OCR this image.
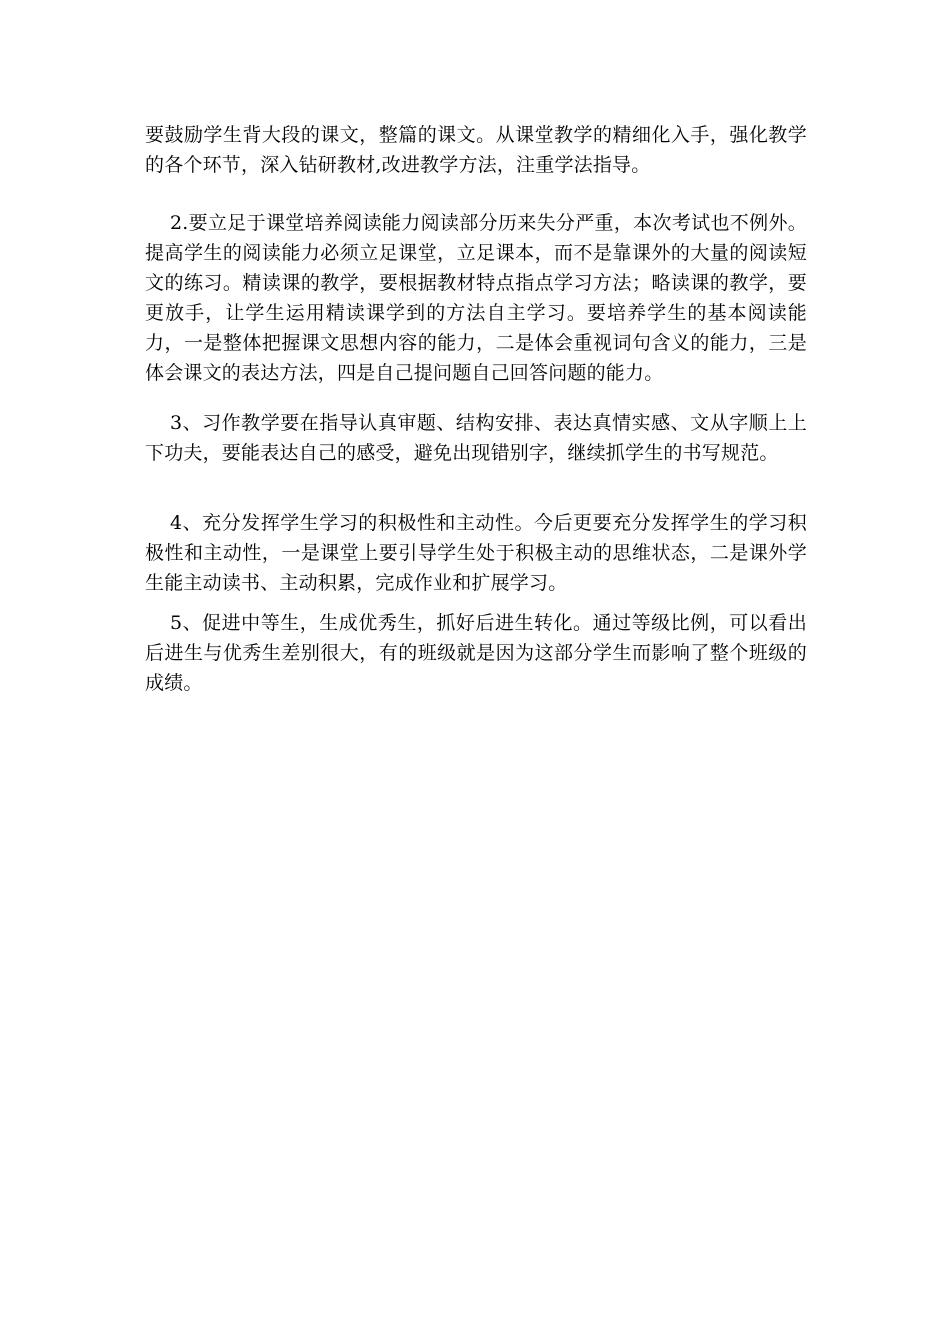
要鼓励学生背大段的课文，整篇的课文。从课堂教学的精细化入手，强化教学的各个环节，深入钻研教材,改进教学方法，注重学法指导。

2.要立足于课堂培养阅读能力阅读部分历来失分严重，本次考试也不例外。提高学生的阅读能力必须立足课堂，立足课本，而不是靠课外的大量的阅读短文的练习。精读课的教学，要根据教材特点指点学习方法；略读课的教学，要更放手，让学生运用精读课学到的方法自主学习。要培养学生的基本阅读能力，一是整体把握课文思想内容的能力，二是体会重视词句含义的能力，三是体会课文的表达方法，四是自己提问题自己回答问题的能力。

3、习作教学要在指导认真审题、结构安排、表达真情实感、文从字顺上上下功夫，要能表达自己的感受，避免出现错别字，继续抓学生的书写规范。

4、充分发挥学生学习的积极性和主动性。今后更要充分发挥学生的学习积极性和主动性，一是课堂上要引导学生处于积极主动的思维状态，二是课外学生能主动读书、主动积累，完成作业和扩展学习。

5、促进中等生，生成优秀生，抓好后进生转化。通过等级比例，可以看出后进生与优秀生差别很大，有的班级就是因为这部分学生而影响了整个班级的成绩。
